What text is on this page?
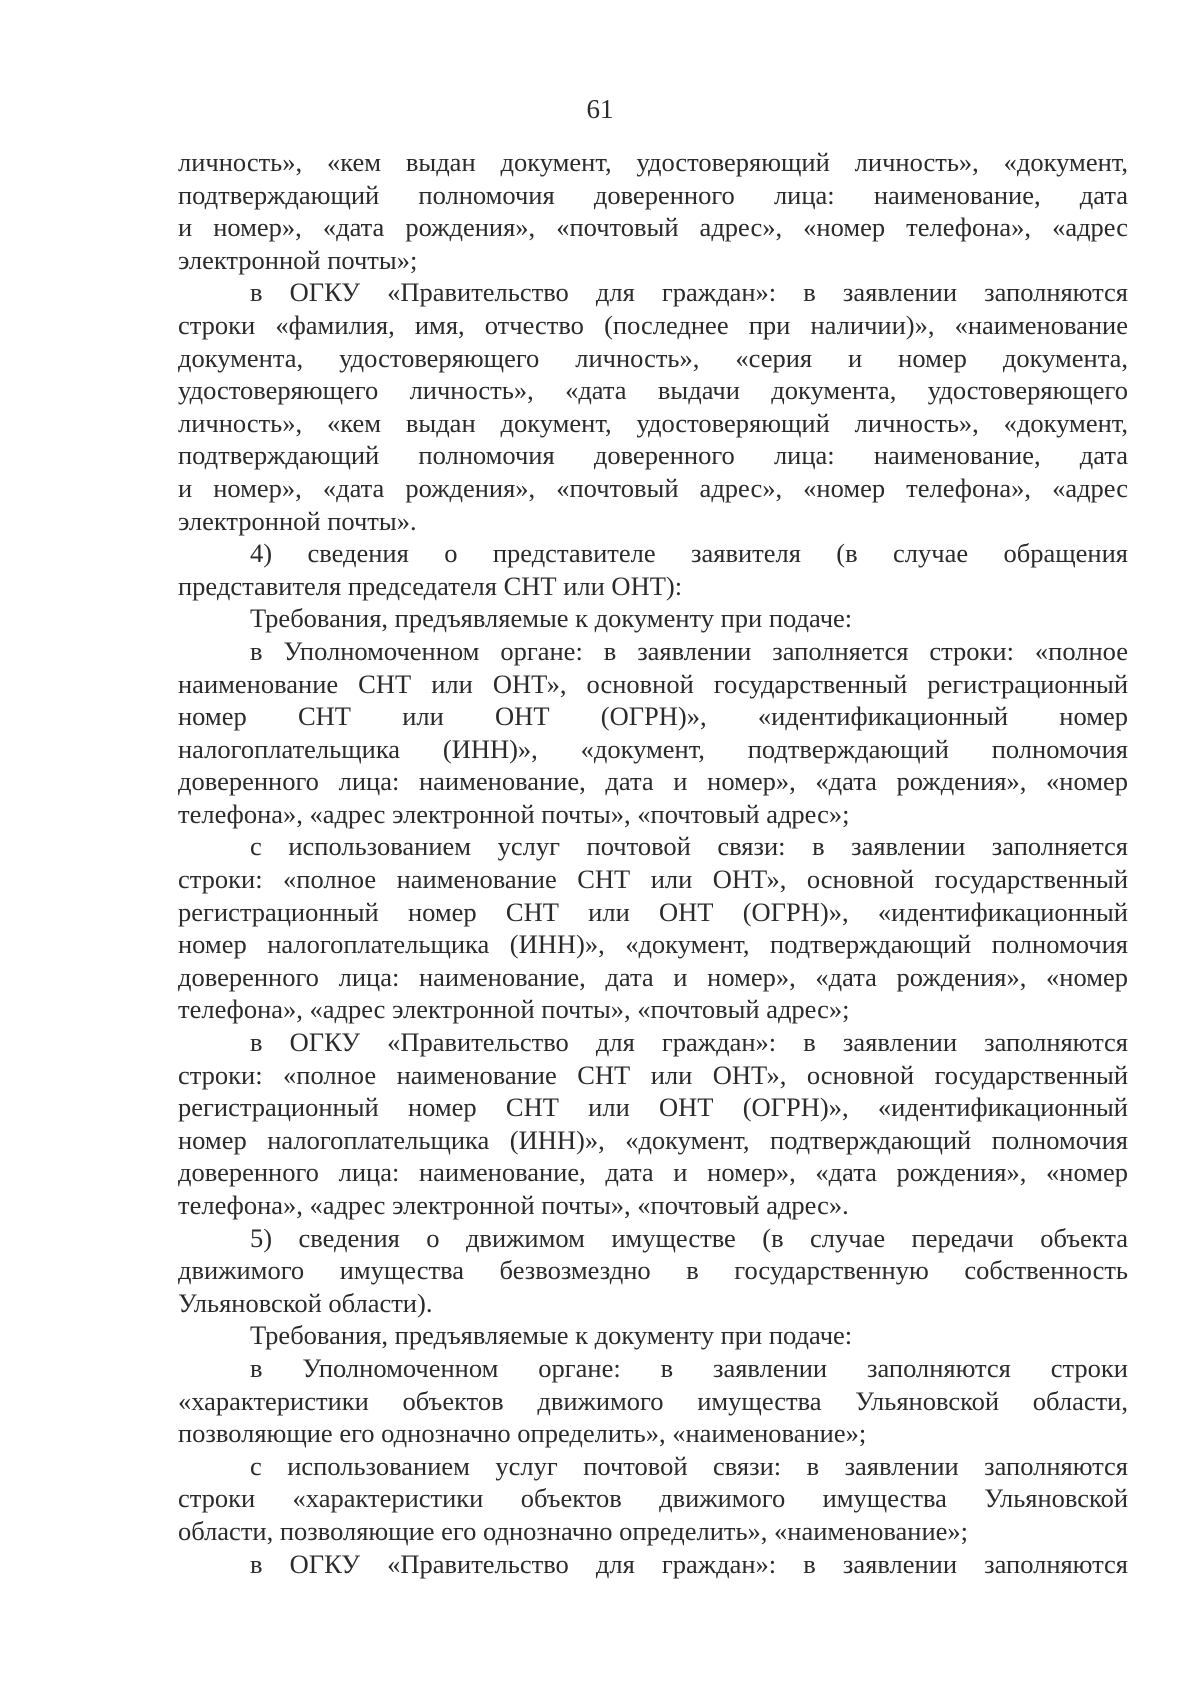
61
личность», «кем выдан документ, удостоверяющий личность», «документ,
подтверждающий полномочия доверенного лица: наименование, дата
и номер», «дата рождения», «почтовый адрес», «номер телефона», «адрес
электронной почты»;
в ОГКУ «Правительство для граждан»: в заявлении заполняются
строки «фамилия, имя, отчество (последнее при наличии)», «наименование
документа, удостоверяющего личность», «серия и номер документа,
удостоверяющего личность», «дата выдачи документа, удостоверяющего
личность», «кем выдан документ, удостоверяющий личность», «документ,
подтверждающий полномочия доверенного лица: наименование, дата
и номер», «дата рождения», «почтовый адрес», «номер телефона», «адрес
электронной почты».
4) сведения о представителе заявителя (в случае обращения
представителя председателя СНТ или ОНТ):
Требования, предъявляемые к документу при подаче:
в Уполномоченном органе: в заявлении заполняется строки: «полное
наименование СНТ или ОНТ», основной государственный регистрационный
номер СНТ или ОНТ (ОГРН)», «идентификационный номер
налогоплательщика (ИНН)», «документ, подтверждающий полномочия
доверенного лица: наименование, дата и номер», «дата рождения», «номер
телефона», «адрес электронной почты», «почтовый адрес»;
с использованием услуг почтовой связи: в заявлении заполняется
строки: «полное наименование СНТ или ОНТ», основной государственный
регистрационный номер СНТ или ОНТ (ОГРН)», «идентификационный
номер налогоплательщика (ИНН)», «документ, подтверждающий полномочия
доверенного лица: наименование, дата и номер», «дата рождения», «номер
телефона», «адрес электронной почты», «почтовый адрес»;
в ОГКУ «Правительство для граждан»: в заявлении заполняются
строки: «полное наименование СНТ или ОНТ», основной государственный
регистрационный номер СНТ или ОНТ (ОГРН)», «идентификационный
номер налогоплательщика (ИНН)», «документ, подтверждающий полномочия
доверенного лица: наименование, дата и номер», «дата рождения», «номер
телефона», «адрес электронной почты», «почтовый адрес».
5) сведения о движимом имуществе (в случае передачи объекта
движимого имущества безвозмездно в государственную собственность
Ульяновской области).
Требования, предъявляемые к документу при подаче:
в Уполномоченном органе: в заявлении заполняются строки
«характеристики объектов движимого имущества Ульяновской области,
позволяющие его однозначно определить», «наименование»;
с использованием услуг почтовой связи: в заявлении заполняются
строки «характеристики объектов движимого имущества Ульяновской
области, позволяющие его однозначно определить», «наименование»;
в ОГКУ «Правительство для граждан»: в заявлении заполняются
